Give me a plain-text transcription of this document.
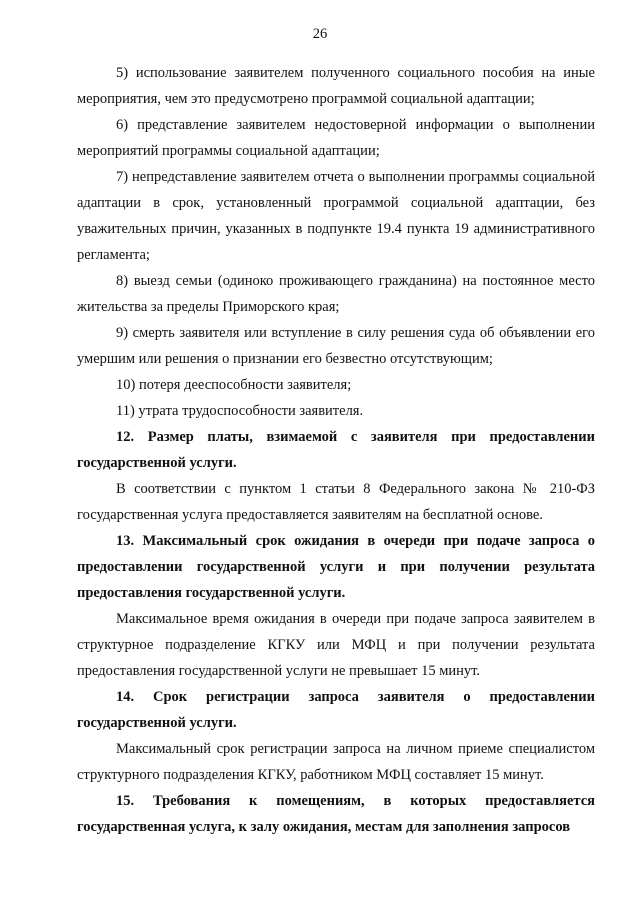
26

5) использование заявителем полученного социального пособия на иные мероприятия, чем это предусмотрено программой социальной адаптации;

6) представление заявителем недостоверной информации о выполнении мероприятий программы социальной адаптации;

7) непредставление заявителем отчета о выполнении программы социальной адаптации в срок, установленный программой социальной адаптации, без уважительных причин, указанных в подпункте 19.4 пункта 19 административного регламента;

8) выезд семьи (одиноко проживающего гражданина) на постоянное место жительства за пределы Приморского края;

9) смерть заявителя или вступление в силу решения суда об объявлении его умершим или решения о признании его безвестно отсутствующим;

10) потеря дееспособности заявителя;

11) утрата трудоспособности заявителя.

12. Размер платы, взимаемой с заявителя при предоставлении государственной услуги.

В соответствии с пунктом 1 статьи 8 Федерального закона № 210-ФЗ государственная услуга предоставляется заявителям на бесплатной основе.

13. Максимальный срок ожидания в очереди при подаче запроса о предоставлении государственной услуги и при получении результата предоставления государственной услуги.

Максимальное время ожидания в очереди при подаче запроса заявителем в структурное подразделение КГКУ или МФЦ и при получении результата предоставления государственной услуги не превышает 15 минут.

14. Срок регистрации запроса заявителя о предоставлении государственной услуги.

Максимальный срок регистрации запроса на личном приеме специалистом структурного подразделения КГКУ, работником МФЦ составляет 15 минут.

15. Требования к помещениям, в которых предоставляется государственная услуга, к залу ожидания, местам для заполнения запросов
